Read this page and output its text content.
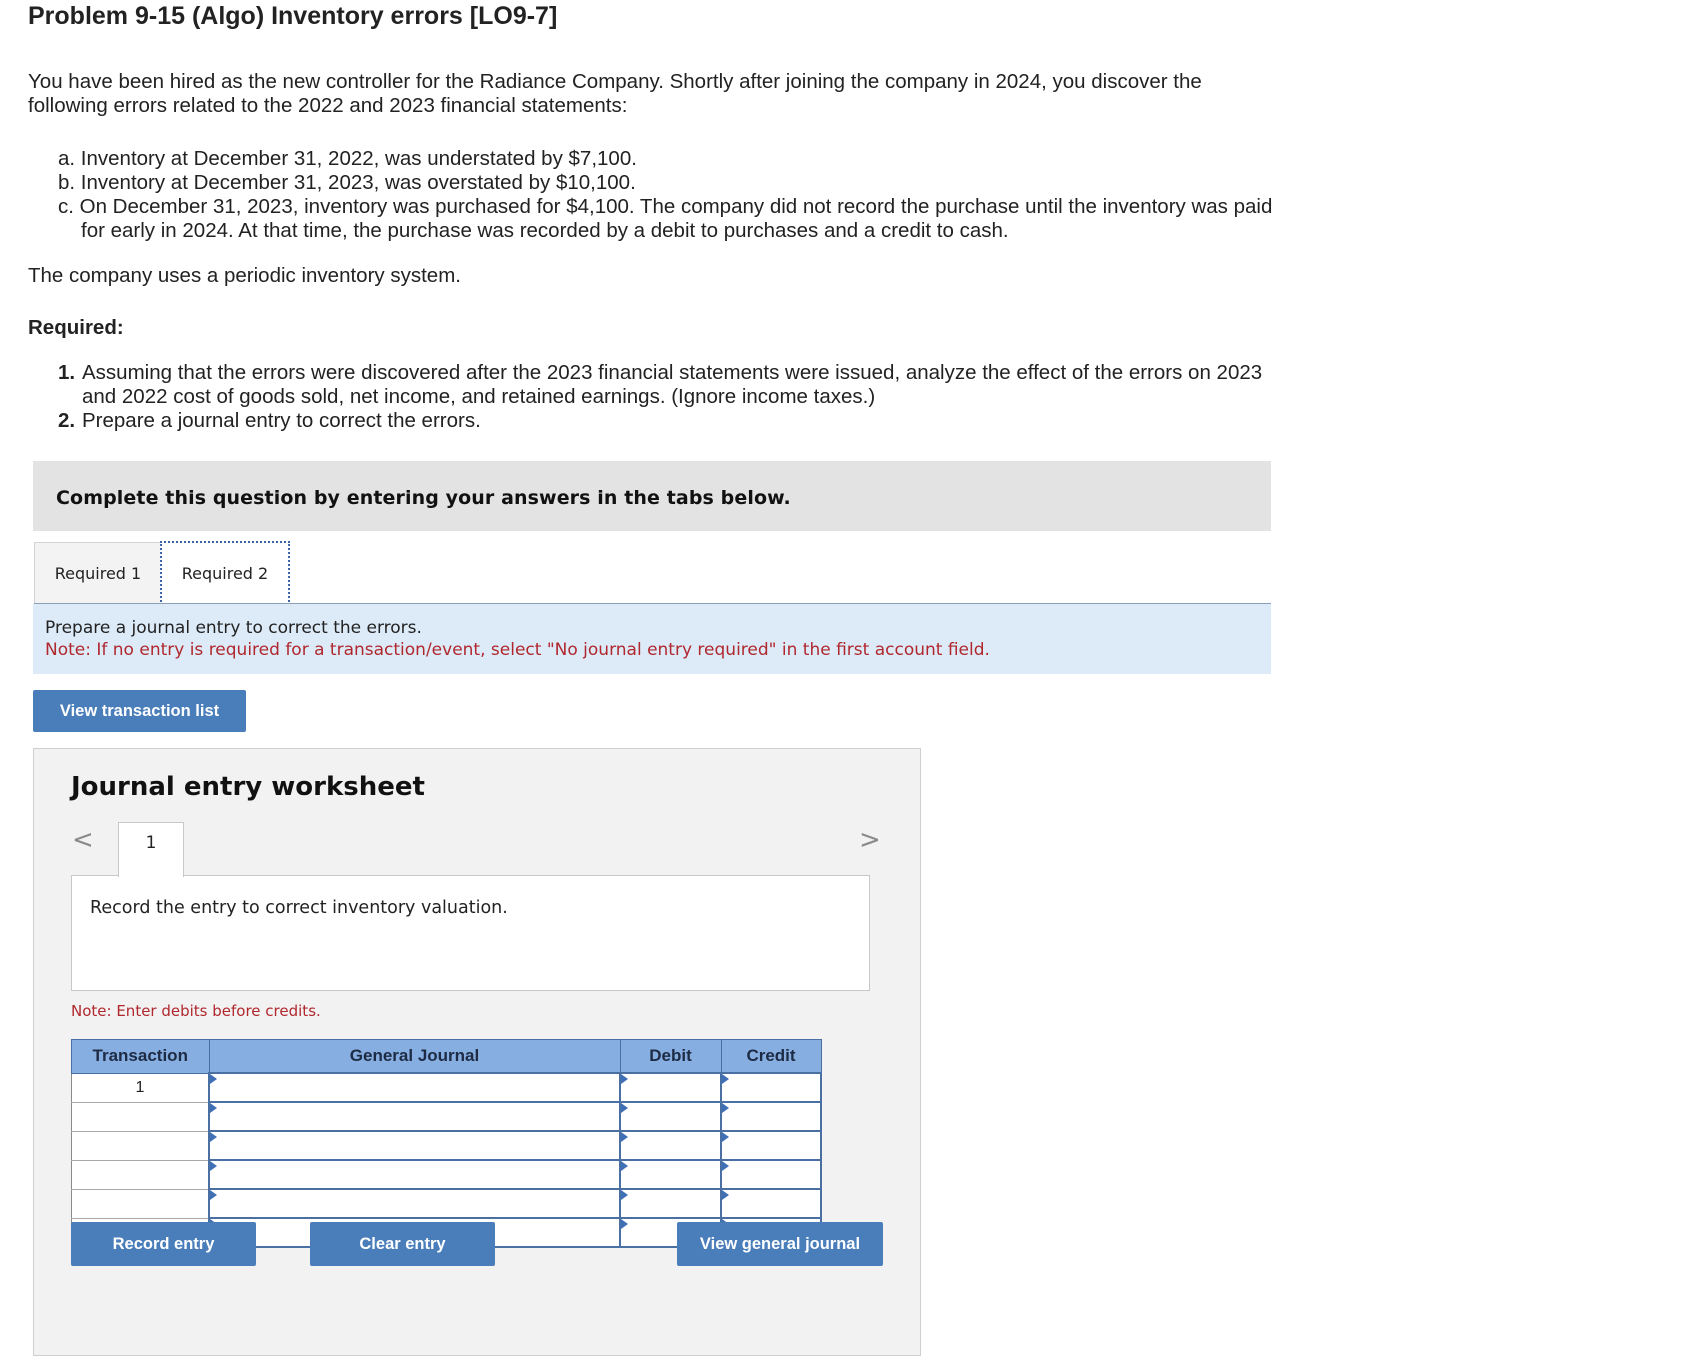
Problem 9-15 (Algo) Inventory errors [LO9-7]
You have been hired as the new controller for the Radiance Company. Shortly after joining the company in 2024, you discover the following errors related to the 2022 and 2023 financial statements:
a. Inventory at December 31, 2022, was understated by $7,100.
b. Inventory at December 31, 2023, was overstated by $10,100.
c. On December 31, 2023, inventory was purchased for $4,100. The company did not record the purchase until the inventory was paid for early in 2024. At that time, the purchase was recorded by a debit to purchases and a credit to cash.
The company uses a periodic inventory system.
Required:
1. Assuming that the errors were discovered after the 2023 financial statements were issued, analyze the effect of the errors on 2023 and 2022 cost of goods sold, net income, and retained earnings. (Ignore income taxes.)
2. Prepare a journal entry to correct the errors.
Complete this question by entering your answers in the tabs below.
Required 1	Required 2
Prepare a journal entry to correct the errors.
Note: If no entry is required for a transaction/event, select "No journal entry required" in the first account field.
View transaction list
Journal entry worksheet
<	>
1
Record the entry to correct inventory valuation.
Note: Enter debits before credits.
Transaction	General Journal	Debit	Credit
1			

Record entry	Clear entry	View general journal
